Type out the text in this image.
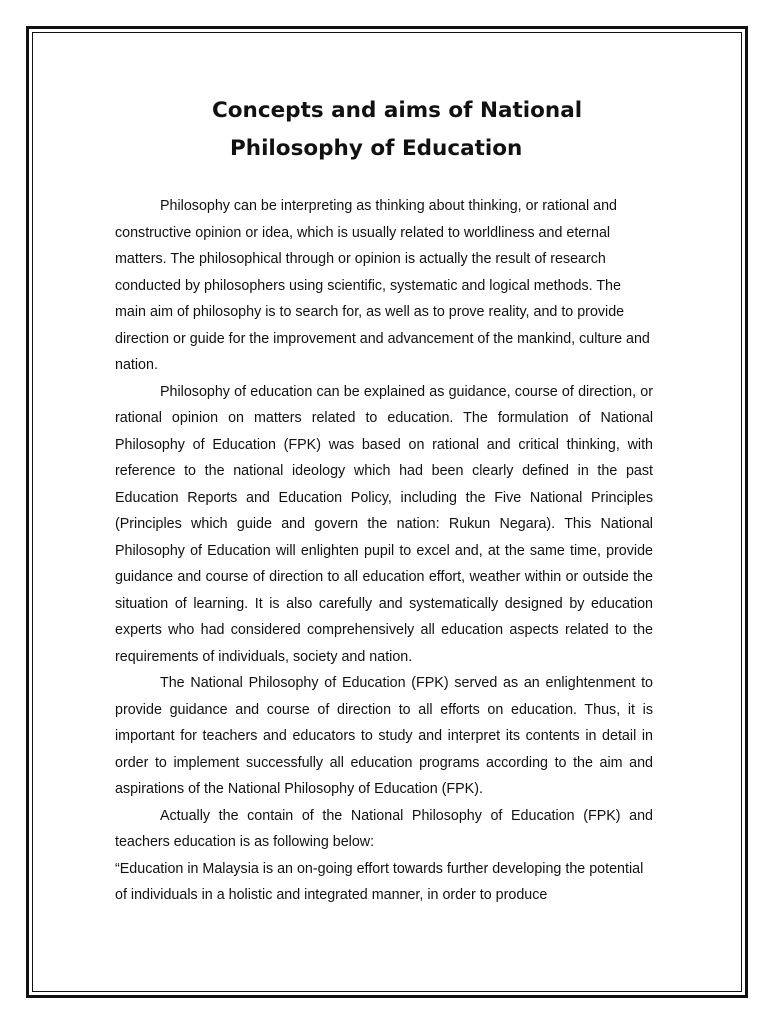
Concepts and aims of National
Philosophy of Education

Philosophy can be interpreting as thinking about thinking, or rational and constructive opinion or idea, which is usually related to worldliness and eternal matters. The philosophical through or opinion is actually the result of research conducted by philosophers using scientific, systematic and logical methods. The main aim of philosophy is to search for, as well as to prove reality, and to provide direction or guide for the improvement and advancement of the mankind, culture and nation.

Philosophy of education can be explained as guidance, course of direction, or rational opinion on matters related to education. The formulation of National Philosophy of Education (FPK) was based on rational and critical thinking, with reference to the national ideology which had been clearly defined in the past Education Reports and Education Policy, including the Five National Principles (Principles which guide and govern the nation: Rukun Negara). This National Philosophy of Education will enlighten pupil to excel and, at the same time, provide guidance and course of direction to all education effort, weather within or outside the situation of learning. It is also carefully and systematically designed by education experts who had considered comprehensively all education aspects related to the requirements of individuals, society and nation.

The National Philosophy of Education (FPK) served as an enlightenment to provide guidance and course of direction to all efforts on education. Thus, it is important for teachers and educators to study and interpret its contents in detail in order to implement successfully all education programs according to the aim and aspirations of the National Philosophy of Education (FPK).

Actually the contain of the National Philosophy of Education (FPK) and teachers education is as following below:

“Education in Malaysia is an on-going effort towards further developing the potential of individuals in a holistic and integrated manner, in order to produce
